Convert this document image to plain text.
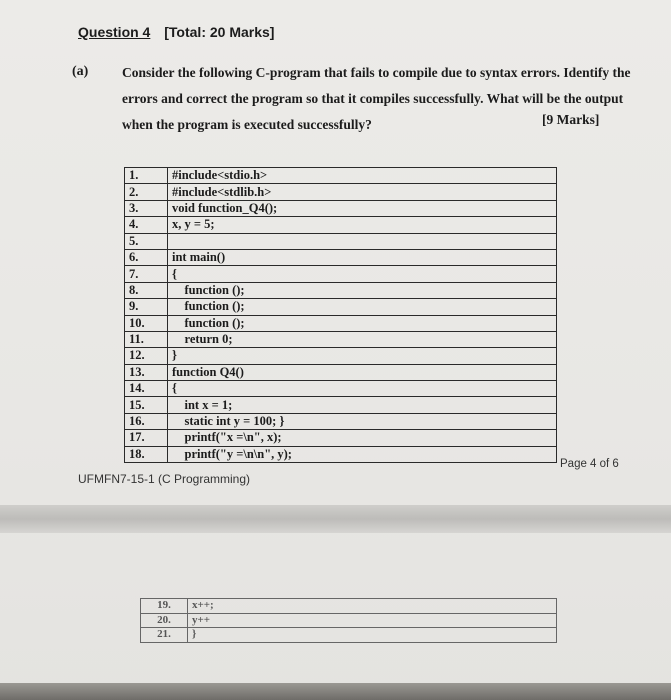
Question 4 [Total: 20 Marks]
(a) Consider the following C-program that fails to compile due to syntax errors. Identify the
errors and correct the program so that it compiles successfully. What will be the output
when the program is executed successfully?	[9 Marks]
1.	#include<stdio.h>
2.	#include<stdlib.h>
3.	void function_Q4();
4.	x, y = 5;
5.	
6.	int main()
7.	{
8.	function ();
9.	function ();
10.	function ();
11.	return 0;
12.	}
13.	function Q4()
14.	{
15.	int x = 1;
16.	static int y = 100; }
17.	printf("x =\n", x);
18.	printf("y =\n\n", y);
Page 4 of 6
UFMFN7-15-1 (C Programming)
19.	x++;
20.	y++
21.	}
